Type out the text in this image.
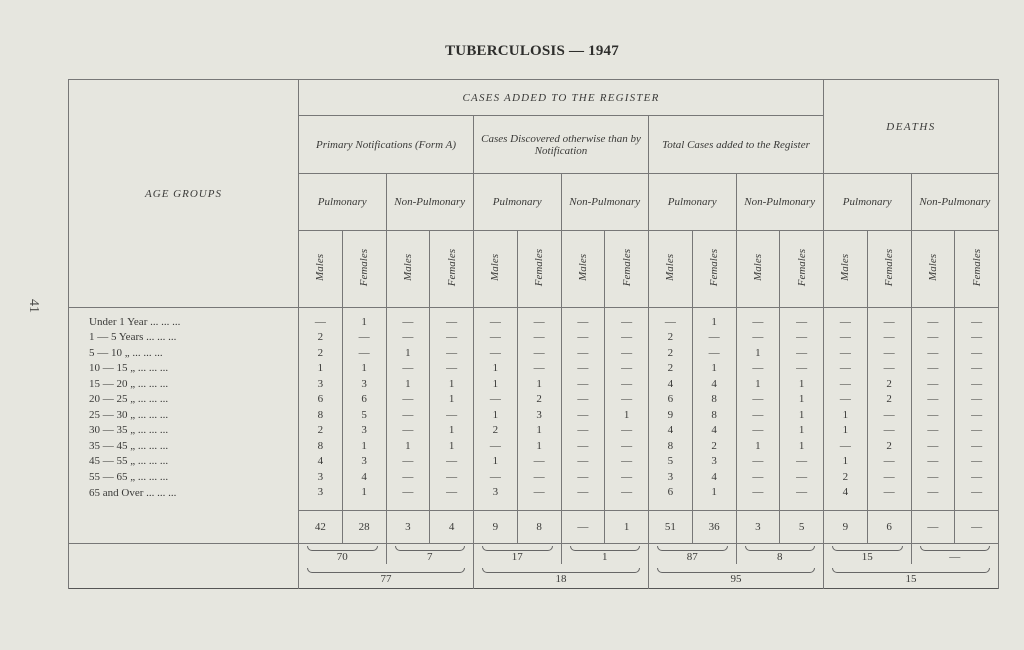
41
TUBERCULOSIS — 1947
AGE GROUPS	CASES ADDED TO THE REGISTER												DEATHS			
	Primary Notifications (Form A)				Cases Discovered otherwise than by Notification				Total Cases added to the Register							
	Pulmonary		Non-Pulmonary		Pulmonary		Non-Pulmonary		Pulmonary		Non-Pulmonary		Pulmonary		Non-Pulmonary	
	Males	Females	Males	Females	Males	Females	Males	Females	Males	Females	Males	Females	Males	Females	Males	Females
Under 1 Year ... ... ...	—	1	—	—	—	—	—	—	—	1	—	—	—	—	—	—
1 — 5 Years ... ... ...	2	—	—	—	—	—	—	—	2	—	—	—	—	—	—	—
5 — 10 „ ... ... ...	2	—	1	—	—	—	—	—	2	—	1	—	—	—	—	—
10 — 15 „ ... ... ...	1	1	—	—	1	—	—	—	2	1	—	—	—	—	—	—
15 — 20 „ ... ... ...	3	3	1	1	1	1	—	—	4	4	1	1	—	2	—	—
20 — 25 „ ... ... ...	6	6	—	1	—	2	—	—	6	8	—	1	—	2	—	—
25 — 30 „ ... ... ...	8	5	—	—	1	3	—	1	9	8	—	1	1	—	—	—
30 — 35 „ ... ... ...	2	3	—	1	2	1	—	—	4	4	—	1	1	—	—	—
35 — 45 „ ... ... ...	8	1	1	1	—	1	—	—	8	2	1	1	—	2	—	—
45 — 55 „ ... ... ...	4	3	—	—	1	—	—	—	5	3	—	—	1	—	—	—
55 — 65 „ ... ... ...	3	4	—	—	—	—	—	—	3	4	—	—	2	—	—	—
65 and Over ... ... ...	3	1	—	—	3	—	—	—	6	1	—	—	4	—	—	—
	42	28	3	4	9	8	—	1	51	36	3	5	9	6	—	—

70		7		17		1		87		8		15		—	

77				18				95				15			
